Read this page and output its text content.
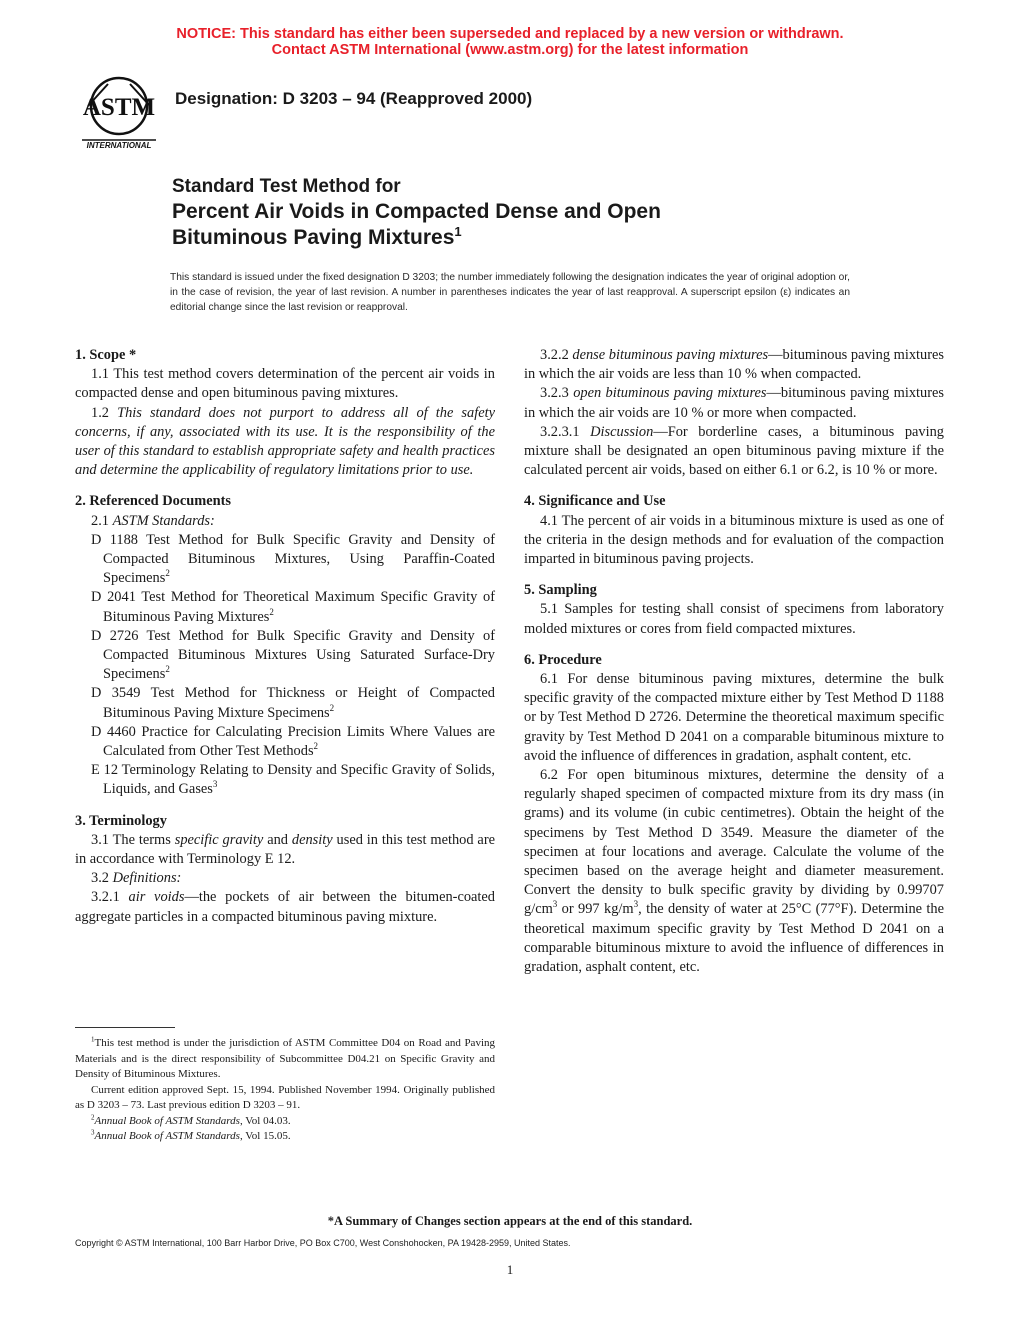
NOTICE: This standard has either been superseded and replaced by a new version or withdrawn.
Contact ASTM International (www.astm.org) for the latest information
ASTM
INTERNATIONAL
Designation: D 3203 – 94 (Reapproved 2000)
Standard Test Method for
Percent Air Voids in Compacted Dense and Open
Bituminous Paving Mixtures$^1$
This standard is issued under the fixed designation D 3203; the number immediately following the designation indicates the year of original adoption or, in the case of revision, the year of last revision. A number in parentheses indicates the year of last reapproval. A superscript epsilon (ε) indicates an editorial change since the last revision or reapproval.

1. Scope *

1.1 This test method covers determination of the percent air voids in compacted dense and open bituminous paving mixtures.

1.2 This standard does not purport to address all of the safety concerns, if any, associated with its use. It is the responsibility of the user of this standard to establish appropriate safety and health practices and determine the applicability of regulatory limitations prior to use.

2. Referenced Documents

2.1 ASTM Standards:

D 1188 Test Method for Bulk Specific Gravity and Density of Compacted Bituminous Mixtures, Using Paraffin-Coated Specimens$^2$

D 2041 Test Method for Theoretical Maximum Specific Gravity of Bituminous Paving Mixtures$^2$

D 2726 Test Method for Bulk Specific Gravity and Density of Compacted Bituminous Mixtures Using Saturated Surface-Dry Specimens$^2$

D 3549 Test Method for Thickness or Height of Compacted Bituminous Paving Mixture Specimens$^2$

D 4460 Practice for Calculating Precision Limits Where Values are Calculated from Other Test Methods$^2$

E 12 Terminology Relating to Density and Specific Gravity of Solids, Liquids, and Gases$^3$

3. Terminology

3.1 The terms specific gravity and density used in this test method are in accordance with Terminology E 12.

3.2 Definitions:

3.2.1 air voids—the pockets of air between the bitumen-coated aggregate particles in a compacted bituminous paving mixture.

3.2.2 dense bituminous paving mixtures—bituminous paving mixtures in which the air voids are less than 10 % when compacted.

3.2.3 open bituminous paving mixtures—bituminous paving mixtures in which the air voids are 10 % or more when compacted.

3.2.3.1 Discussion—For borderline cases, a bituminous paving mixture shall be designated an open bituminous paving mixture if the calculated percent air voids, based on either 6.1 or 6.2, is 10 % or more.

4. Significance and Use

4.1 The percent of air voids in a bituminous mixture is used as one of the criteria in the design methods and for evaluation of the compaction imparted in bituminous paving projects.

5. Sampling

5.1 Samples for testing shall consist of specimens from laboratory molded mixtures or cores from field compacted mixtures.

6. Procedure

6.1 For dense bituminous paving mixtures, determine the bulk specific gravity of the compacted mixture either by Test Method D 1188 or by Test Method D 2726. Determine the theoretical maximum specific gravity by Test Method D 2041 on a comparable bituminous mixture to avoid the influence of differences in gradation, asphalt content, etc.

6.2 For open bituminous mixtures, determine the density of a regularly shaped specimen of compacted mixture from its dry mass (in grams) and its volume (in cubic centimetres). Obtain the height of the specimens by Test Method D 3549. Measure the diameter of the specimen at four locations and average. Calculate the volume of the specimen based on the average height and diameter measurement. Convert the density to bulk specific gravity by dividing by 0.99707 $g/cm^3$ or 997 $kg/m^3$, the density of water at 25°C (77°F). Determine the theoretical maximum specific gravity by Test Method D 2041 on a comparable bituminous mixture to avoid the influence of differences in gradation, asphalt content, etc.

$^1$This test method is under the jurisdiction of ASTM Committee D04 on Road and Paving Materials and is the direct responsibility of Subcommittee D04.21 on Specific Gravity and Density of Bituminous Mixtures.

Current edition approved Sept. 15, 1994. Published November 1994. Originally published as D 3203 – 73. Last previous edition D 3203 – 91.

$^2$Annual Book of ASTM Standards, Vol 04.03.

$^3$Annual Book of ASTM Standards, Vol 15.05.

*A Summary of Changes section appears at the end of this standard.
Copyright © ASTM International, 100 Barr Harbor Drive, PO Box C700, West Conshohocken, PA 19428-2959, United States.
1
